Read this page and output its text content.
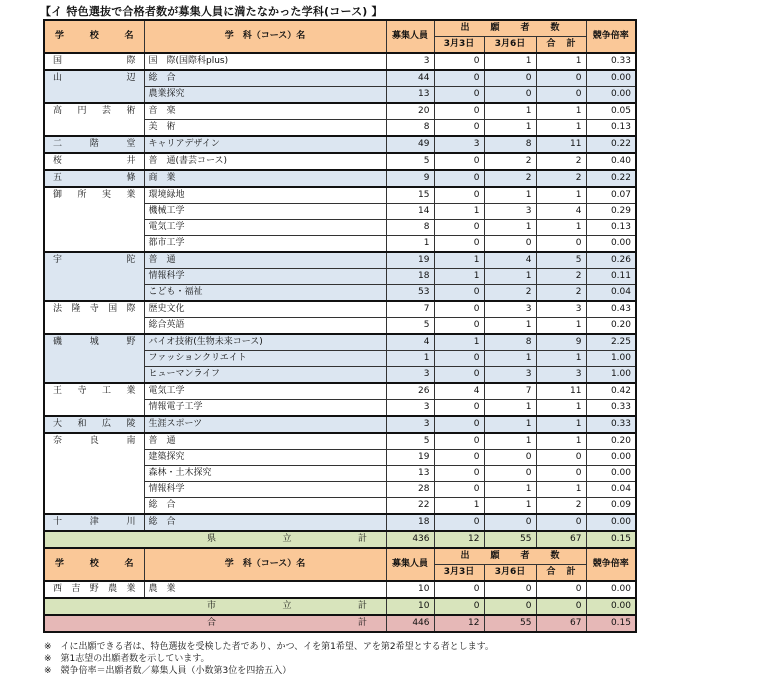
【イ 特色選抜で合格者数が募集人員に満たなかった学科(コース) 】
学 校 名	学　科（コース）名	募集人員	出 願 者 数			競争倍率
			3月3日	3月6日	合 計	

国 際	国　際(国際科plus)	3	0	1	1	0.33

山 辺	総　合	44	0	0	0	0.00
	農業探究	13	0	0	0	0.00

高 円 芸 術	音　楽	20	0	1	1	0.05
	美　術	8	0	1	1	0.13

二 階 堂	キャリアデザイン	49	3	8	11	0.22

桜 井	普　通(書芸コース)	5	0	2	2	0.40

五 條	商　業	9	0	2	2	0.22

御 所 実 業	環境緑地	15	0	1	1	0.07
	機械工学	14	1	3	4	0.29
	電気工学	8	0	1	1	0.13
	都市工学	1	0	0	0	0.00

宇 陀	普　通	19	1	4	5	0.26
	情報科学	18	1	1	2	0.11
	こども・福祉	53	0	2	2	0.04

法 隆 寺 国 際	歴史文化	7	0	3	3	0.43
	総合英語	5	0	1	1	0.20

磯 城 野	バイオ技術(生物未来コース)	4	1	8	9	2.25
	ファッションクリエイト	1	0	1	1	1.00
	ヒューマンライフ	3	0	3	3	1.00

王 寺 工 業	電気工学	26	4	7	11	0.42
	情報電子工学	3	0	1	1	0.33

大 和 広 陵	生涯スポーツ	3	0	1	1	0.33

奈 良 南	普　通	5	0	1	1	0.20
	建築探究	19	0	0	0	0.00
	森林・土木探究	13	0	0	0	0.00
	情報科学	28	0	1	1	0.04
	総　合	22	1	1	2	0.09

十 津 川	総　合	18	0	0	0	0.00

県 立 計		436	12	55	67	0.15
学 校 名	学　科（コース）名	募集人員	出 願 者 数			競争倍率
			3月3日	3月6日	合 計	

西 吉 野 農 業	農　業	10	0	0	0	0.00

市 立 計		10	0	0	0	0.00

合 計		446	12	55	67	0.15
※　イに出願できる者は、特色選抜を受検した者であり、かつ、イを第1希望、アを第2希望とする者とします。
※　第1志望の出願者数を示しています。
※　競争倍率＝出願者数／募集人員（小数第3位を四捨五入）
